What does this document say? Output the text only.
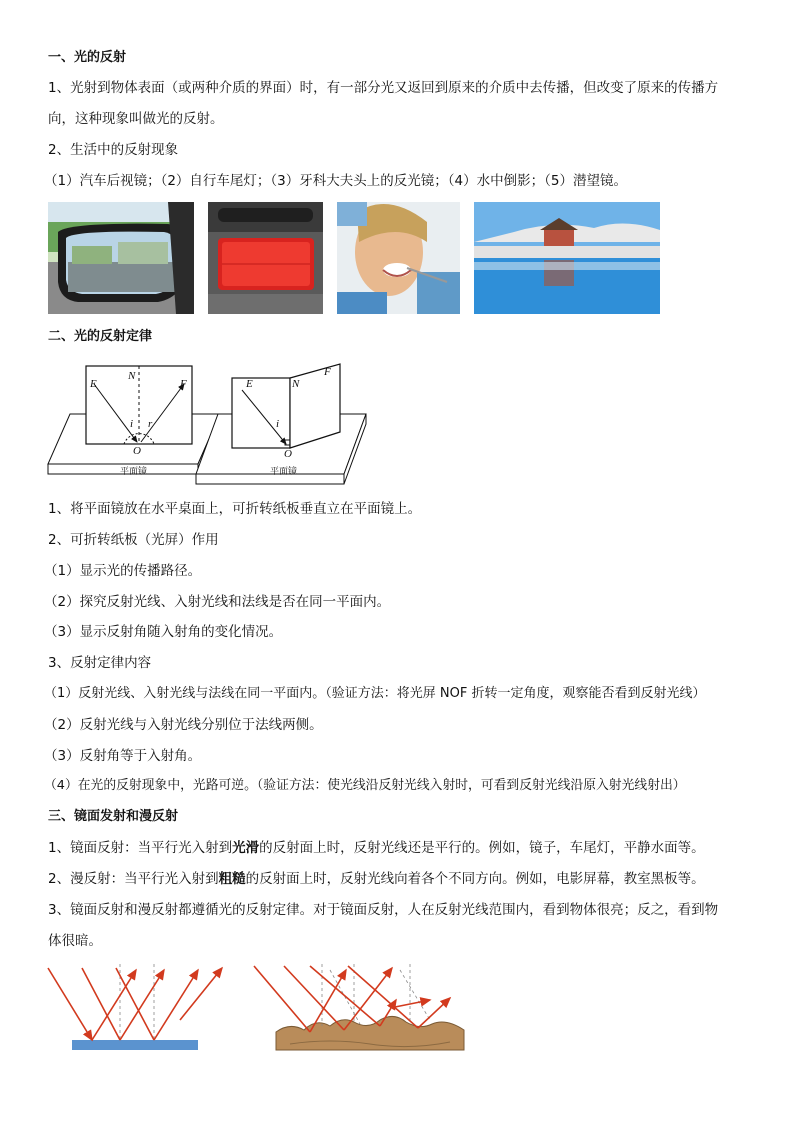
一、光的反射
1、光射到物体表面（或两种介质的界面）时，有一部分光又返回到原来的介质中去传播，但改变了原来的传播方
向，这种现象叫做光的反射。
2、生活中的反射现象
（1）汽车后视镜；（2）自行车尾灯；（3）牙科大夫头上的反光镜；（4）水中倒影；（5）潜望镜。
二、光的反射定律
E
N
F
i r
O
平面镜
E	N
F
i
O
平面镜
1、将平面镜放在水平桌面上，可折转纸板垂直立在平面镜上。
2、可折转纸板（光屏）作用
（1）显示光的传播路径。
（2）探究反射光线、入射光线和法线是否在同一平面内。
（3）显示反射角随入射角的变化情况。
3、反射定律内容
（1）反射光线、入射光线与法线在同一平面内。（验证方法：将光屏 NOF 折转一定角度，观察能否看到反射光线）
（2）反射光线与入射光线分别位于法线两侧。
（3）反射角等于入射角。
（4）在光的反射现象中，光路可逆。（验证方法：使光线沿反射光线入射时，可看到反射光线沿原入射光线射出）
三、镜面发射和漫反射
1、镜面反射：当平行光入射到光滑的反射面上时，反射光线还是平行的。例如，镜子，车尾灯，平静水面等。
2、漫反射：当平行光入射到粗糙的反射面上时，反射光线向着各个不同方向。例如，电影屏幕，教室黑板等。
3、镜面反射和漫反射都遵循光的反射定律。对于镜面反射，人在反射光线范围内，看到物体很亮；反之，看到物
体很暗。
